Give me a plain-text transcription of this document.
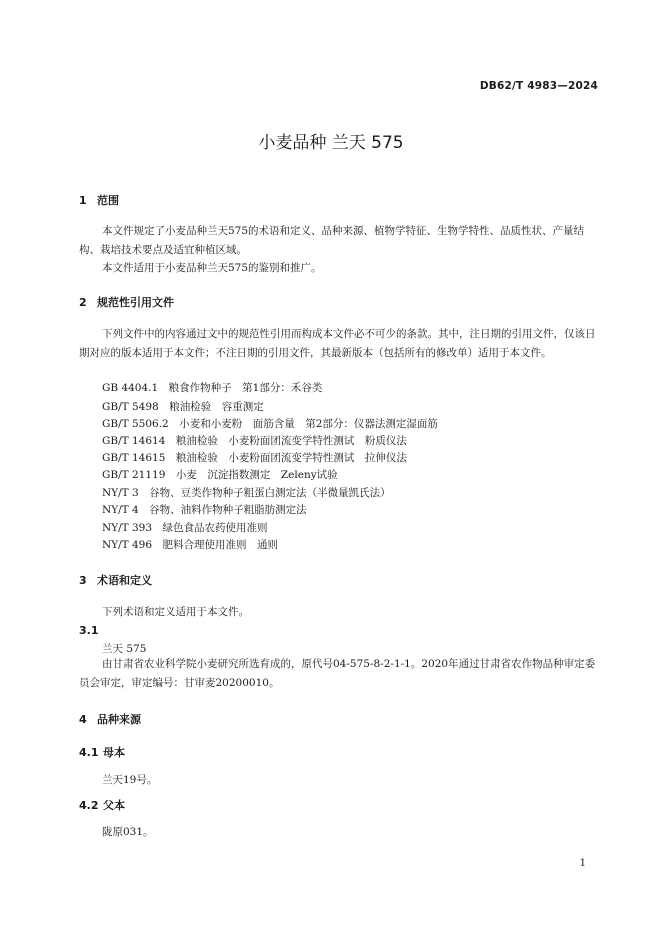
DB62/T 4983—2024
小麦品种 兰天 575
1 范围
本文件规定了小麦品种兰天575的术语和定义、品种来源、植物学特征、生物学特性、品质性状、产量结构、栽培技术要点及适宜种植区域。
本文件适用于小麦品种兰天575的鉴别和推广。
2 规范性引用文件
下列文件中的内容通过文中的规范性引用而构成本文件必不可少的条款。其中，注日期的引用文件，仅该日期对应的版本适用于本文件；不注日期的引用文件，其最新版本（包括所有的修改单）适用于本文件。
GB 4404.1　粮食作物种子　第1部分：禾谷类
GB/T 5498　粮油检验　容重测定
GB/T 5506.2　小麦和小麦粉　面筋含量　第2部分：仪器法测定湿面筋
GB/T 14614　粮油检验　小麦粉面团流变学特性测试　粉质仪法
GB/T 14615　粮油检验　小麦粉面团流变学特性测试　拉伸仪法
GB/T 21119　小麦　沉淀指数测定　Zeleny试验
NY/T 3　谷物、豆类作物种子粗蛋白测定法（半微量凯氏法）
NY/T 4　谷物、油料作物种子粗脂肪测定法
NY/T 393　绿色食品农药使用准则
NY/T 496　肥料合理使用准则　通则
3 术语和定义
下列术语和定义适用于本文件。
3.1
兰天 575
由甘肃省农业科学院小麦研究所选育成的，原代号04-575-8-2-1-1。2020年通过甘肃省农作物品种审定委员会审定，审定编号：甘审麦20200010。
4 品种来源
4.1 母本
兰天19号。
4.2 父本
陇原031。
1
